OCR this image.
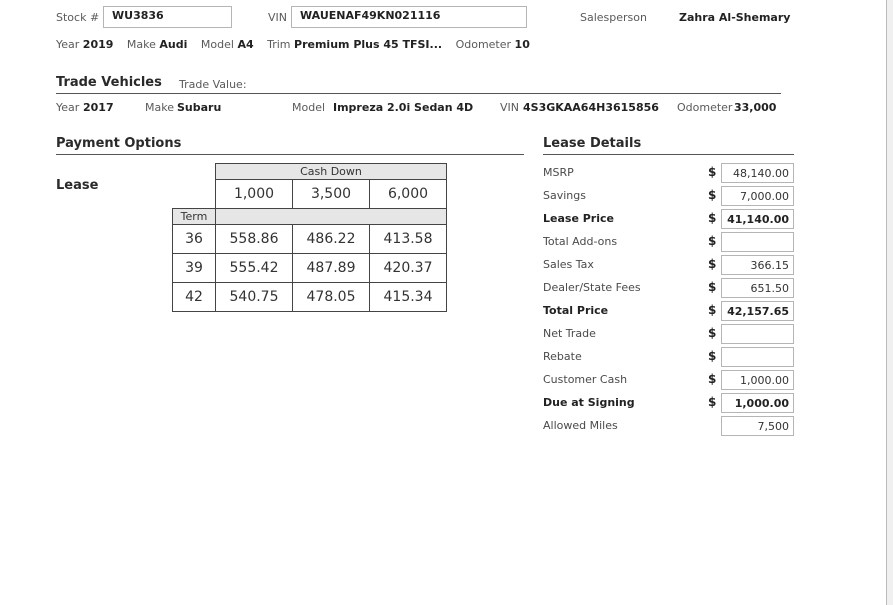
Stock #	WU3836	VIN	WAUENAF49KN021116	Salesperson	Zahra Al-Shemary
Year 2019 Make Audi Model A4 Trim Premium Plus 45 TFSI... Odometer 10
Trade Vehicles Trade Value:
Year 2017	Make Subaru	Model Impreza 2.0i Sedan 4D VIN 4S3GKAA64H3615856 Odometer 33,000
Payment Options
Lease
	Cash Down		
	1,000	3,500	6,000
Term			
36	558.86	486.22	413.58
39	555.42	487.89	420.37
42	540.75	478.05	415.34
Lease Details
MSRP	$	48,140.00
Savings	$	7,000.00
Lease Price	$ 41,140.00
Total Add-ons	$
Sales Tax	$	366.15
Dealer/State Fees	$	651.50
Total Price	$ 42,157.65
Net Trade	$
Rebate	$
Customer Cash	$	1,000.00
Due at Signing	$	1,000.00
Allowed Miles	7,500
